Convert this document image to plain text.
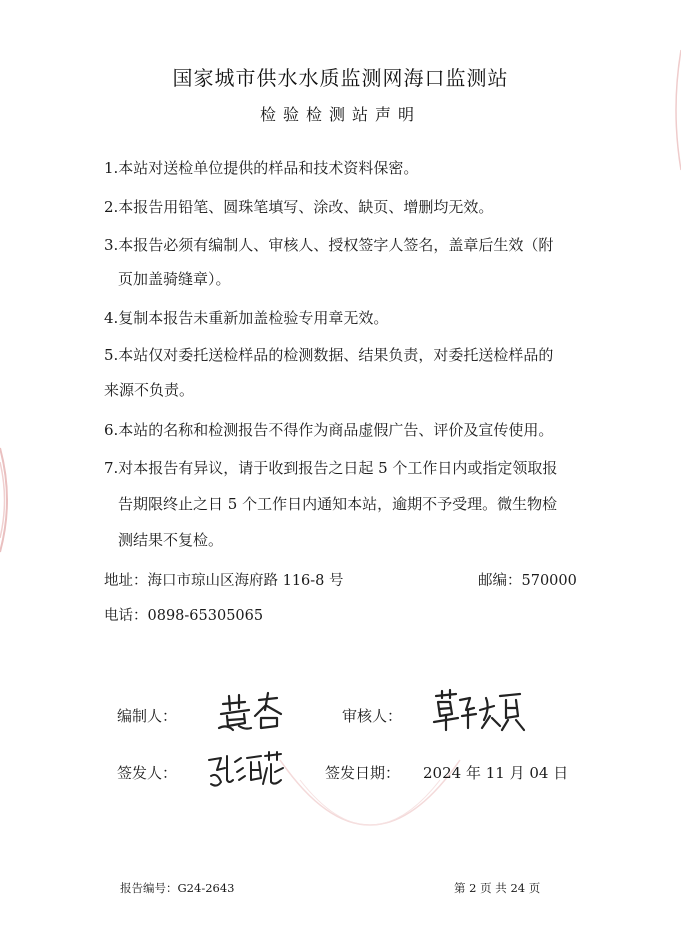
国家城市供水水质监测网海口监测站
检验检测站声明
1.本站对送检单位提供的样品和技术资料保密。
2.本报告用铅笔、圆珠笔填写、涂改、缺页、增删均无效。
3.本报告必须有编制人、审核人、授权签字人签名，盖章后生效（附
页加盖骑缝章）。
4.复制本报告未重新加盖检验专用章无效。
5.本站仅对委托送检样品的检测数据、结果负责，对委托送检样品的
来源不负责。
6.本站的名称和检测报告不得作为商品虚假广告、评价及宣传使用。
7.对本报告有异议，请于收到报告之日起 5 个工作日内或指定领取报
告期限终止之日 5 个工作日内通知本站，逾期不予受理。微生物检
测结果不复检。
地址：海口市琼山区海府路 116-8 号	邮编：570000
电话：0898-65305065
编制人：	审核人：
签发人：	签发日期： 2024 年 11 月 04 日
报告编号：G24-2643	第 2 页 共 24 页
